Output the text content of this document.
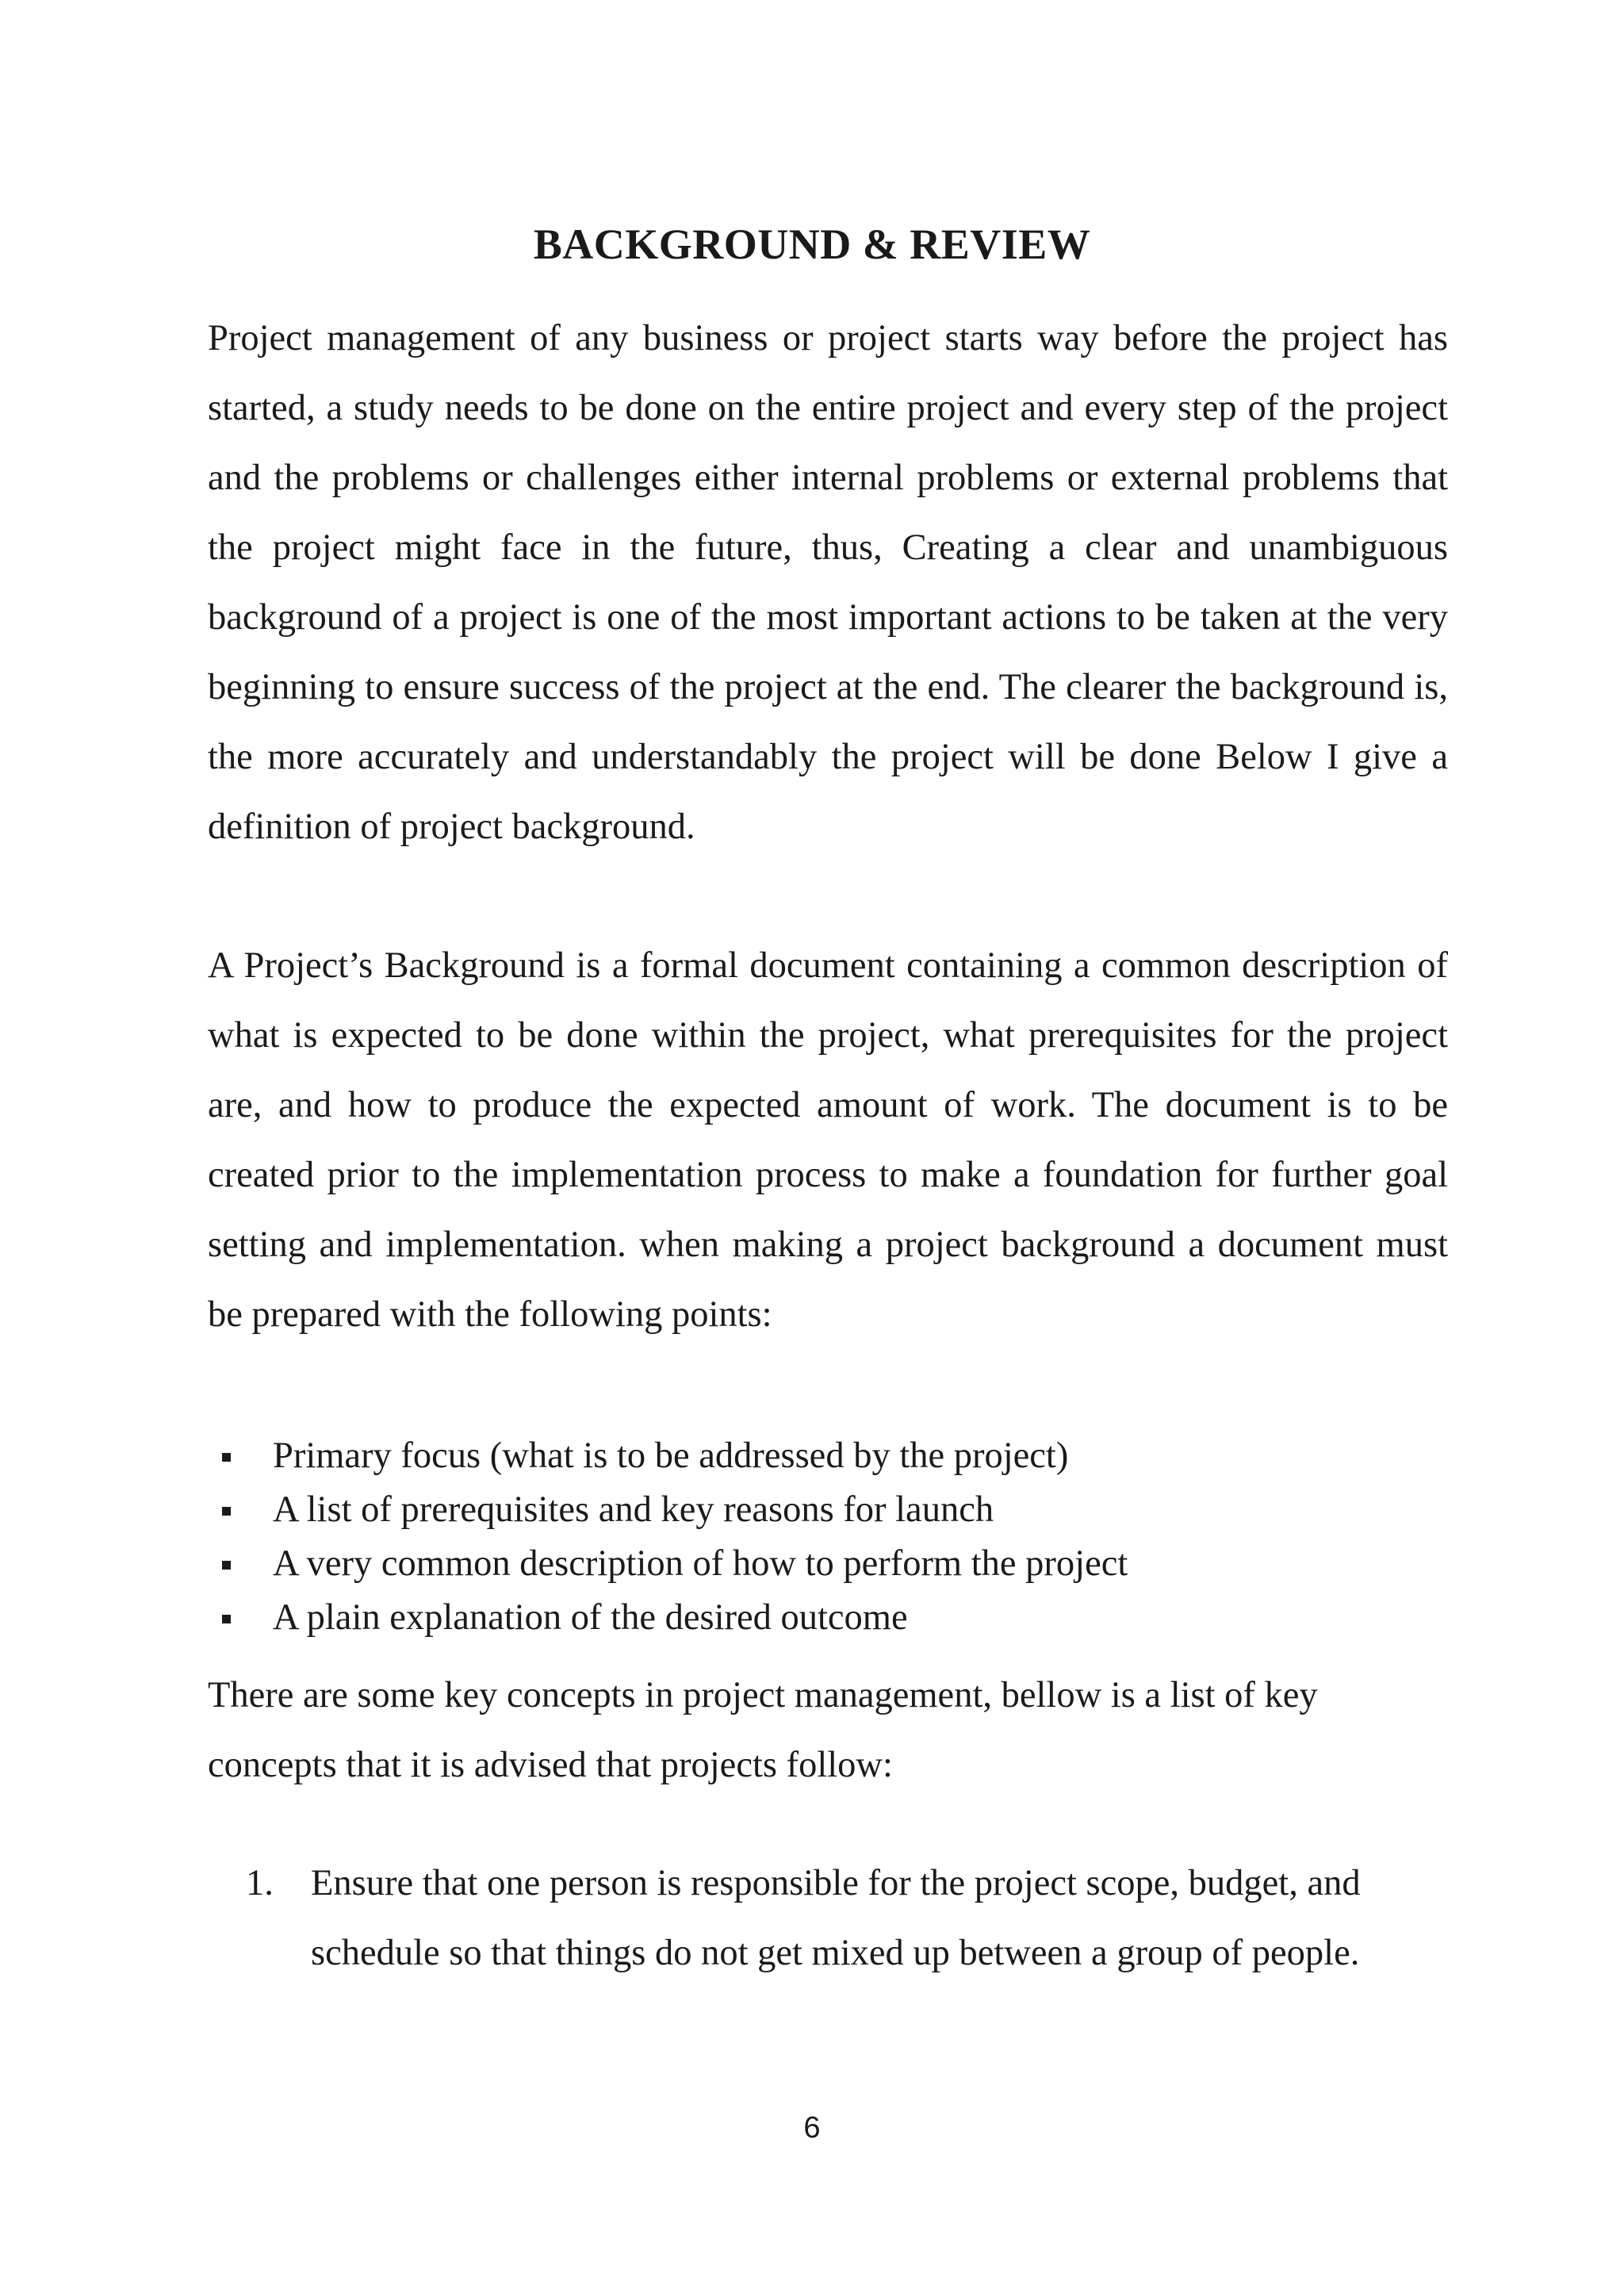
BACKGROUND & REVIEW

Project management of any business or project starts way before the project has started, a study needs to be done on the entire project and every step of the project and the problems or challenges either internal problems or external problems that the project might face in the future, thus, Creating a clear and unambiguous background of a project is one of the most important actions to be taken at the very beginning to ensure success of the project at the end. The clearer the background is, the more accurately and understandably the project will be done Below I give a definition of project background.

A Project’s Background is a formal document containing a common description of what is expected to be done within the project, what prerequisites for the project are, and how to produce the expected amount of work. The document is to be created prior to the implementation process to make a foundation for further goal setting and implementation. when making a project background a document must be prepared with the following points:

Primary focus (what is to be addressed by the project)
A list of prerequisites and key reasons for launch
A very common description of how to perform the project
A plain explanation of the desired outcome

There are some key concepts in project management, bellow is a list of key concepts that it is advised that projects follow:

1. Ensure that one person is responsible for the project scope, budget, and schedule so that things do not get mixed up between a group of people.
6
